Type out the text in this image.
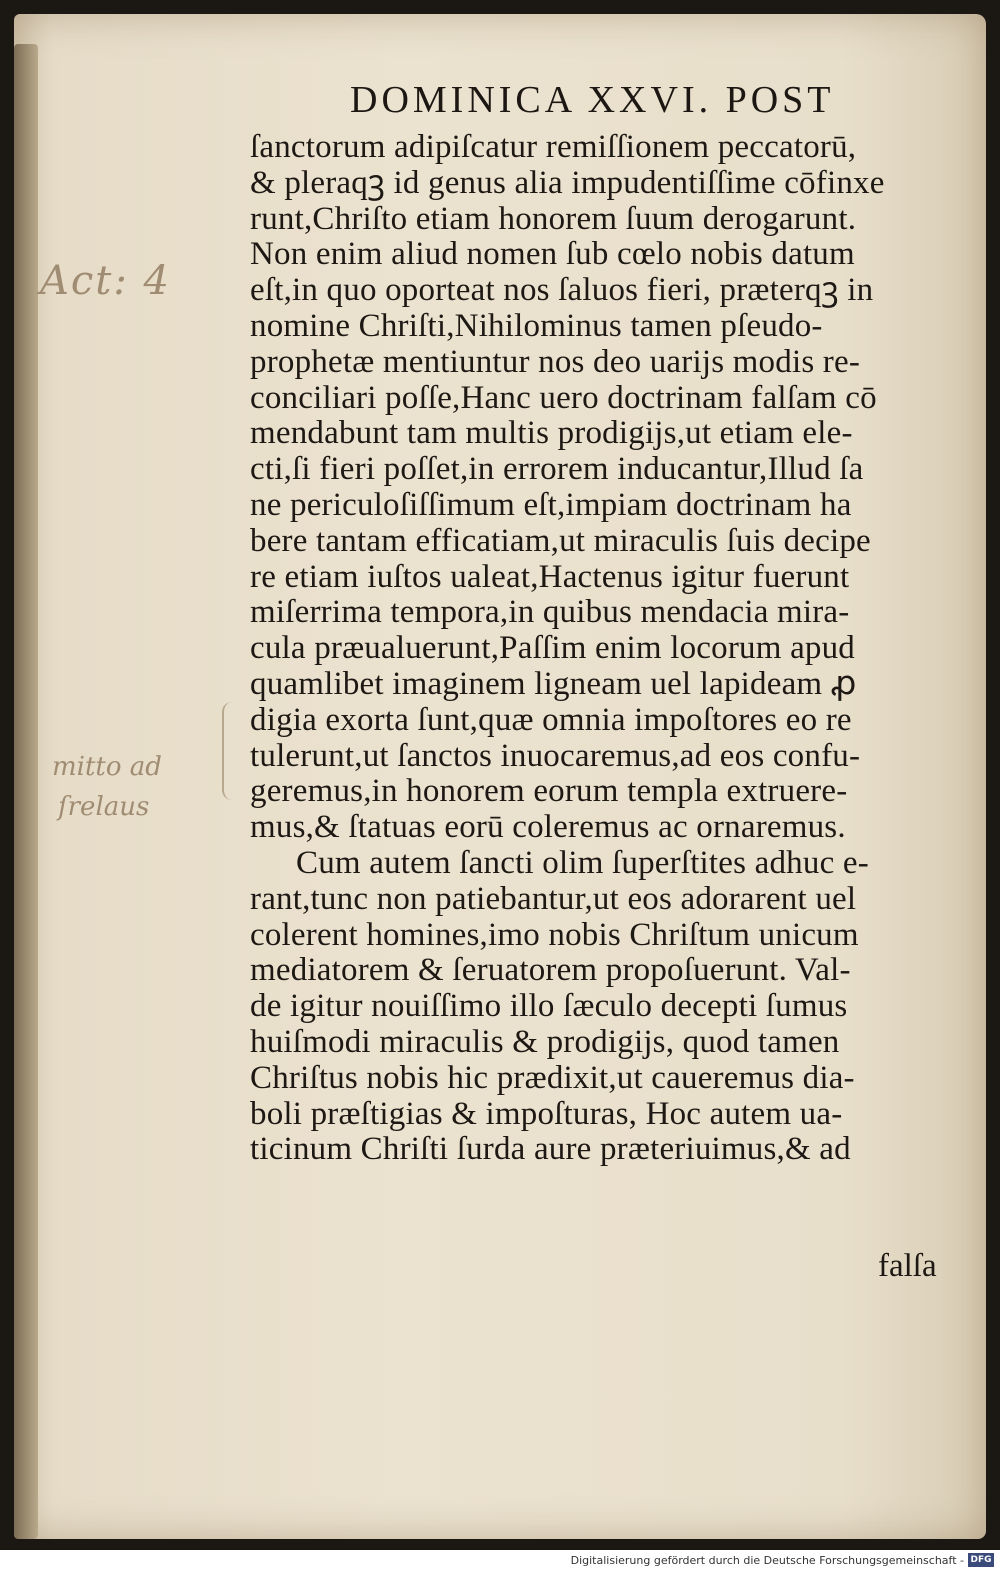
DOMINICA XXVI. POST
ſanctorum adipiſcatur remiſſionem peccatorū,
& pleraqꝫ id genus alia impudentiſſime cōfinxe
runt,Chriſto etiam honorem ſuum derogarunt.
Non enim aliud nomen ſub cœlo nobis datum
eſt,in quo oporteat nos ſaluos fieri, præterqꝫ in
nomine Chriſti,Nihilominus tamen pſeudo-
prophetæ mentiuntur nos deo uarijs modis re-
conciliari poſſe,Hanc uero doctrinam falſam cō
mendabunt tam multis prodigijs,ut etiam ele-
cti,ſi fieri poſſet,in errorem inducantur,Illud ſa
ne periculoſiſſimum eſt,impiam doctrinam ha
bere tantam efficatiam,ut miraculis ſuis decipe
re etiam iuſtos ualeat,Hactenus igitur fuerunt
miſerrima tempora,in quibus mendacia mira-
cula præualuerunt,Paſſim enim locorum apud
quamlibet imaginem ligneam uel lapideam ꝓ
digia exorta ſunt,quæ omnia impoſtores eo re
tulerunt,ut ſanctos inuocaremus,ad eos confu-
geremus,in honorem eorum templa extruere-
mus,& ſtatuas eorū coleremus ac ornaremus.
Cum autem ſancti olim ſuperſtites adhuc e-
rant,tunc non patiebantur,ut eos adorarent uel
colerent homines,imo nobis Chriſtum unicum
mediatorem & ſeruatorem propoſuerunt. Val-
de igitur nouiſſimo illo ſæculo decepti ſumus
huiſmodi miraculis & prodigijs, quod tamen
Chriſtus nobis hic prædixit,ut caueremus dia-
boli præſtigias & impoſturas, Hoc autem ua-
ticinum Chriſti ſurda aure præteriuimus,& ad
falſa
Act: 4
mitto ad
ſrelaus
Digitalisierung gefördert durch die Deutsche Forschungsgemeinschaft - DFG
